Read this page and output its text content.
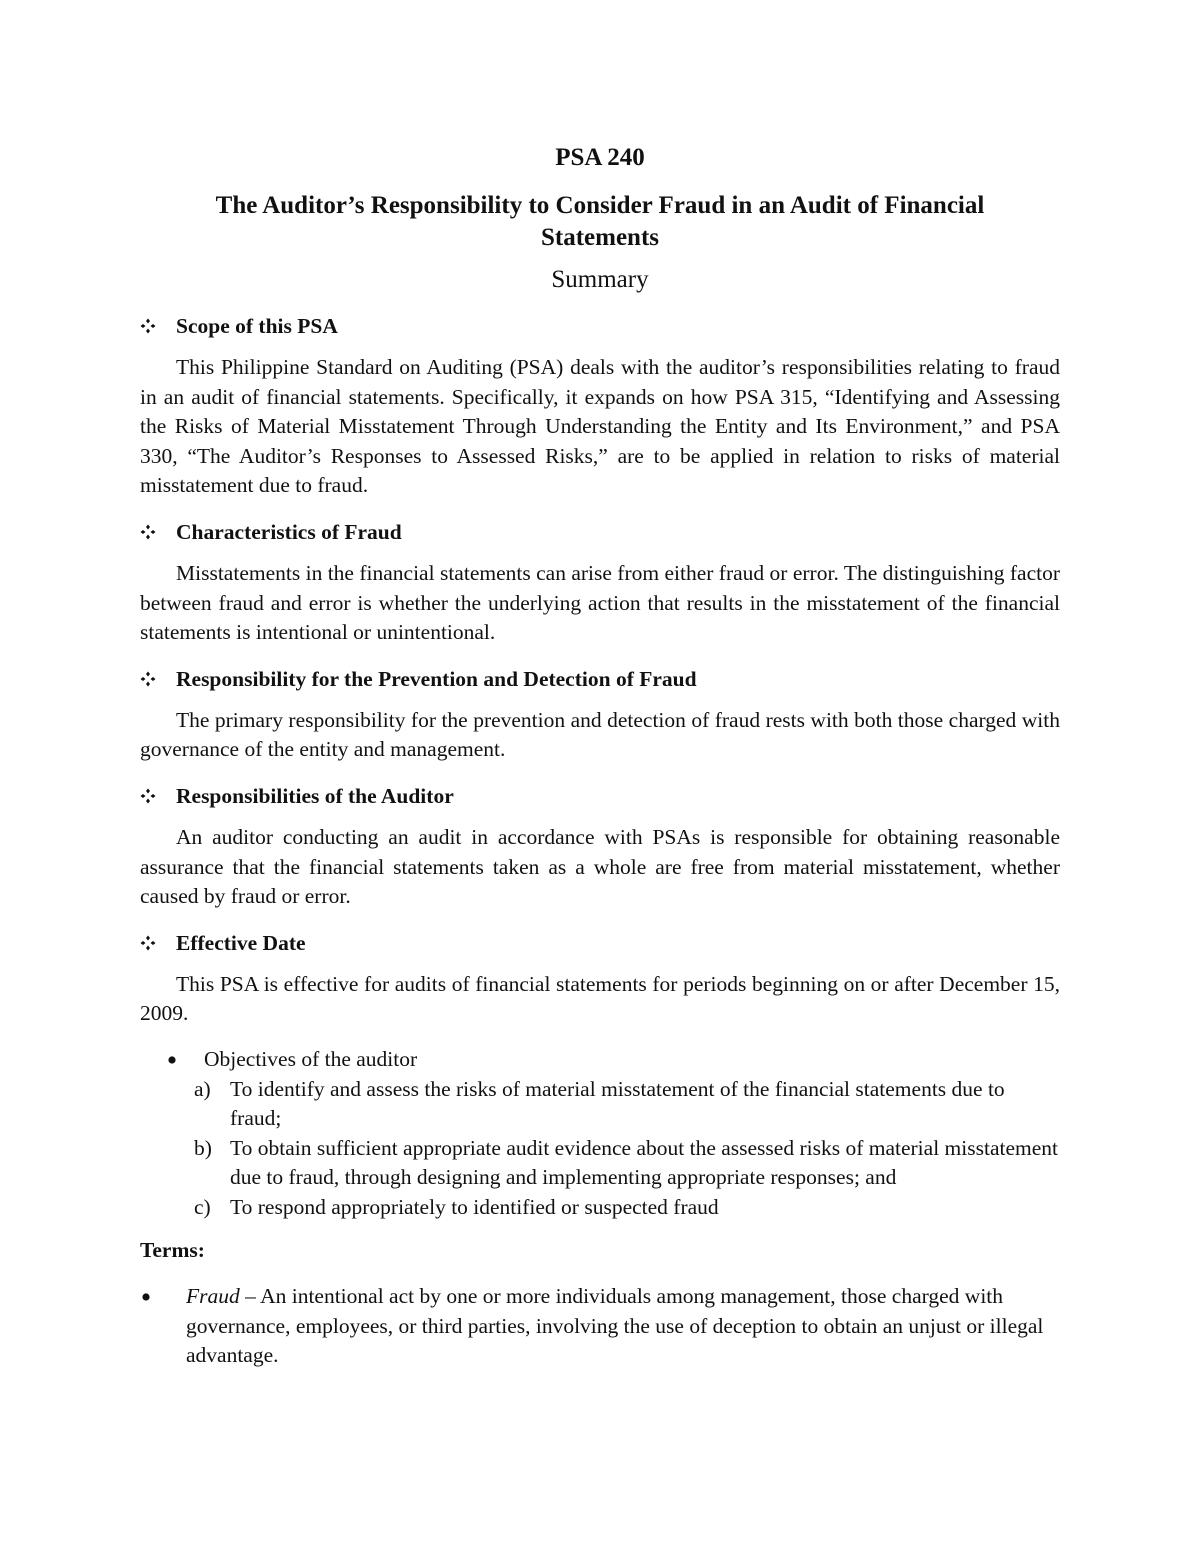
PSA 240
The Auditor’s Responsibility to Consider Fraud in an Audit of Financial Statements
Summary
Scope of this PSA

This Philippine Standard on Auditing (PSA) deals with the auditor’s responsibilities relating to fraud in an audit of financial statements. Specifically, it expands on how PSA 315, “Identifying and Assessing the Risks of Material Misstatement Through Understanding the Entity and Its Environment,” and PSA 330, “The Auditor’s Responses to Assessed Risks,” are to be applied in relation to risks of material misstatement due to fraud.

Characteristics of Fraud

Misstatements in the financial statements can arise from either fraud or error. The distinguishing factor between fraud and error is whether the underlying action that results in the misstatement of the financial statements is intentional or unintentional.

Responsibility for the Prevention and Detection of Fraud

The primary responsibility for the prevention and detection of fraud rests with both those charged with governance of the entity and management.

Responsibilities of the Auditor

An auditor conducting an audit in accordance with PSAs is responsible for obtaining reasonable assurance that the financial statements taken as a whole are free from material misstatement, whether caused by fraud or error.

Effective Date

This PSA is effective for audits of financial statements for periods beginning on or after December 15, 2009.

Objectives of the auditor
a) To identify and assess the risks of material misstatement of the financial statements due to fraud;
b) To obtain sufficient appropriate audit evidence about the assessed risks of material misstatement due to fraud, through designing and implementing appropriate responses; and
c) To respond appropriately to identified or suspected fraud
Terms:
Fraud – An intentional act by one or more individuals among management, those charged with governance, employees, or third parties, involving the use of deception to obtain an unjust or illegal advantage.
